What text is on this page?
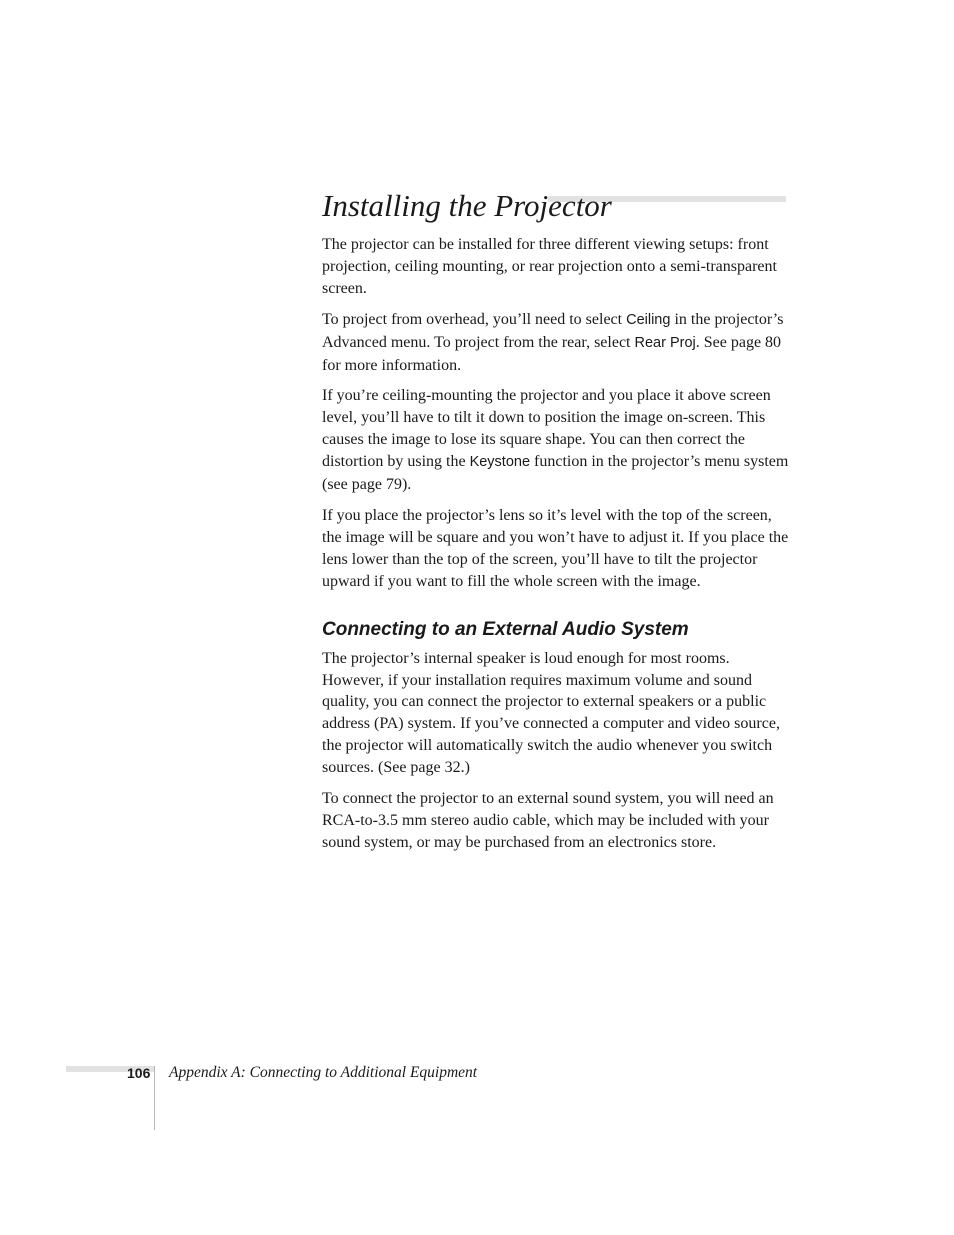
Installing the Projector

The projector can be installed for three different viewing setups: front projection, ceiling mounting, or rear projection onto a semi-transparent screen.

To project from overhead, you’ll need to select Ceiling in the projector’s Advanced menu. To project from the rear, select Rear Proj. See page 80 for more information.

If you’re ceiling-mounting the projector and you place it above screen level, you’ll have to tilt it down to position the image on-screen. This causes the image to lose its square shape. You can then correct the distortion by using the Keystone function in the projector’s menu system (see page 79).

If you place the projector’s lens so it’s level with the top of the screen, the image will be square and you won’t have to adjust it. If you place the lens lower than the top of the screen, you’ll have to tilt the projector upward if you want to fill the whole screen with the image.

Connecting to an External Audio System

The projector’s internal speaker is loud enough for most rooms. However, if your installation requires maximum volume and sound quality, you can connect the projector to external speakers or a public address (PA) system. If you’ve connected a computer and video source, the projector will automatically switch the audio whenever you switch sources. (See page 32.)

To connect the projector to an external sound system, you will need an RCA-to-3.5 mm stereo audio cable, which may be included with your sound system, or may be purchased from an electronics store.

106 Appendix A: Connecting to Additional Equipment
